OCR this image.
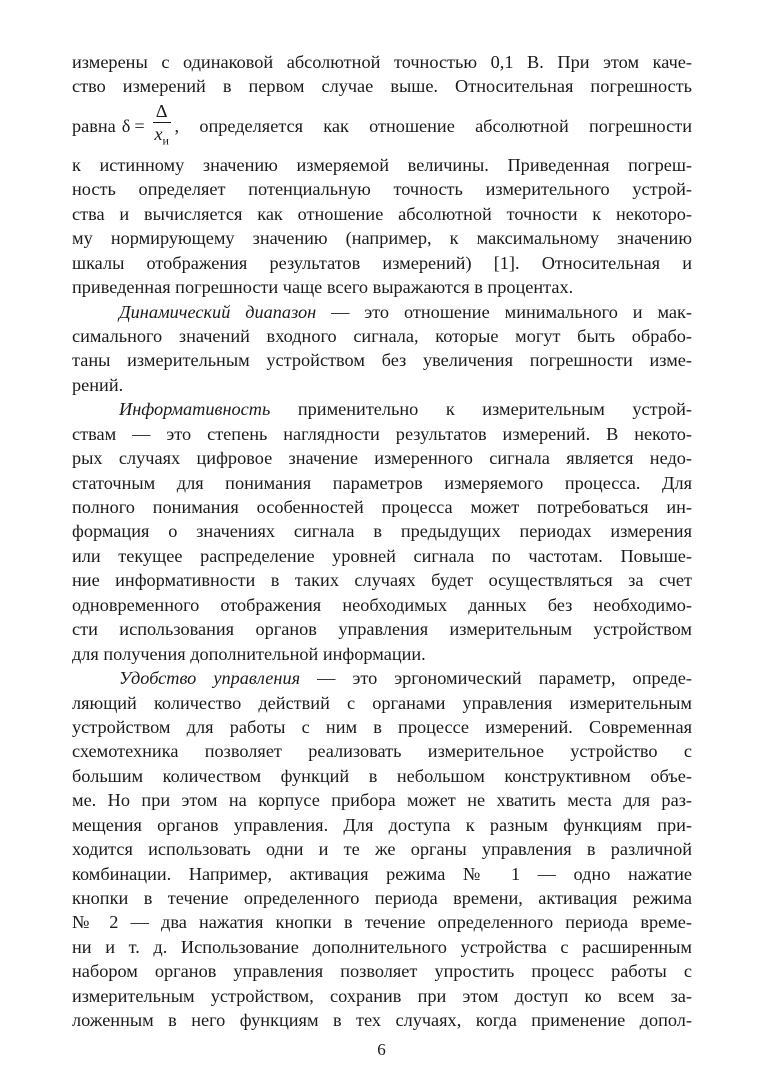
измерены с одинаковой абсолютной точностью 0,1 В. При этом каче-
ство измерений в первом случае выше. Относительная погрешность
равна $\delta = \frac{\Delta}{x_и}$ , определяется как отношение абсолютной погрешности
к истинному значению измеряемой величины. Приведенная погреш-
ность определяет потенциальную точность измерительного устрой-
ства и вычисляется как отношение абсолютной точности к некоторо-
му нормирующему значению (например, к максимальному значению
шкалы отображения результатов измерений) [1]. Относительная и
приведенная погрешности чаще всего выражаются в процентах.
Динамический диапазон — это отношение минимального и мак-
симального значений входного сигнала, которые могут быть обрабо-
таны измерительным устройством без увеличения погрешности изме-
рений.
Информативность применительно к измерительным устрой-
ствам — это степень наглядности результатов измерений. В некото-
рых случаях цифровое значение измеренного сигнала является недо-
статочным для понимания параметров измеряемого процесса. Для
полного понимания особенностей процесса может потребоваться ин-
формация о значениях сигнала в предыдущих периодах измерения
или текущее распределение уровней сигнала по частотам. Повыше-
ние информативности в таких случаях будет осуществляться за счет
одновременного отображения необходимых данных без необходимо-
сти использования органов управления измерительным устройством
для получения дополнительной информации.
Удобство управления — это эргономический параметр, опреде-
ляющий количество действий с органами управления измерительным
устройством для работы с ним в процессе измерений. Современная
схемотехника позволяет реализовать измерительное устройство с
большим количеством функций в небольшом конструктивном объе-
ме. Но при этом на корпусе прибора может не хватить места для раз-
мещения органов управления. Для доступа к разным функциям при-
ходится использовать одни и те же органы управления в различной
комбинации. Например, активация режима № 1 — одно нажатие
кнопки в течение определенного периода времени, активация режима
№ 2 — два нажатия кнопки в течение определенного периода време-
ни и т. д. Использование дополнительного устройства с расширенным
набором органов управления позволяет упростить процесс работы с
измерительным устройством, сохранив при этом доступ ко всем за-
ложенным в него функциям в тех случаях, когда применение допол-
6
